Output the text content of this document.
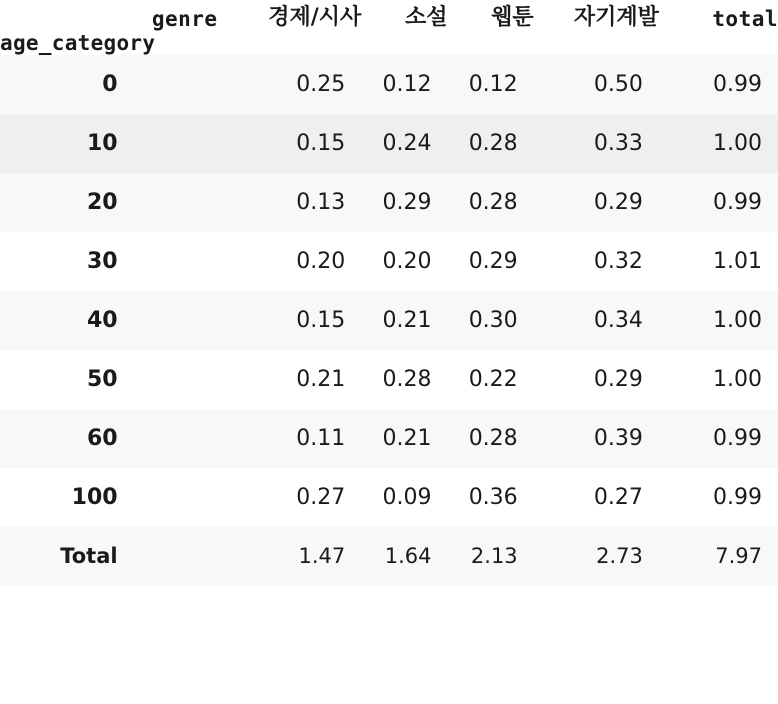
genre	경제/시사	소설	웹툰	자기계발	total
age_category					

0	0.25	0.12	0.12	0.50	0.99
10	0.15	0.24	0.28	0.33	1.00
20	0.13	0.29	0.28	0.29	0.99
30	0.20	0.20	0.29	0.32	1.01
40	0.15	0.21	0.30	0.34	1.00
50	0.21	0.28	0.22	0.29	1.00
60	0.11	0.21	0.28	0.39	0.99
100	0.27	0.09	0.36	0.27	0.99
Total	1.47	1.64	2.13	2.73	7.97
